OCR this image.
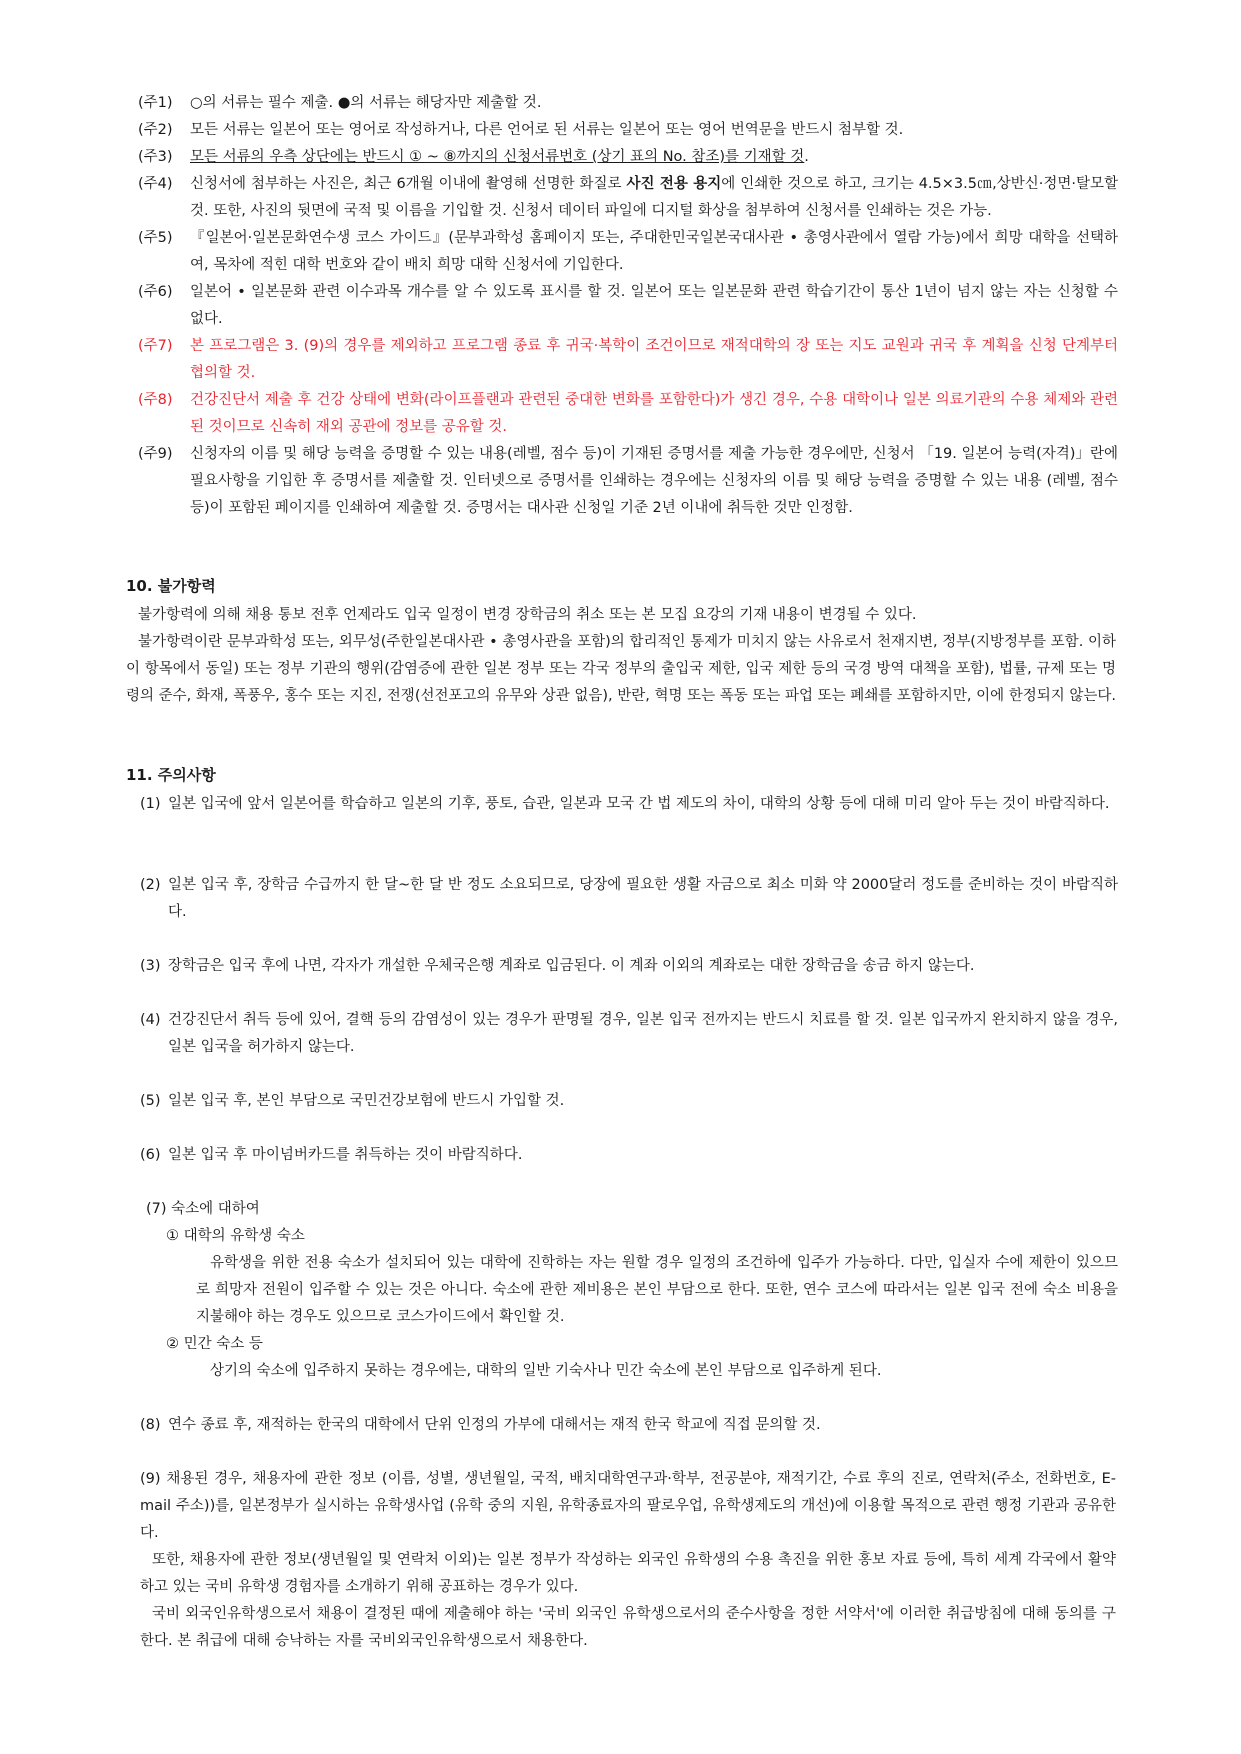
(주1)	○의 서류는 필수 제출. ●의 서류는 해당자만 제출할 것.
(주2)	모든 서류는 일본어 또는 영어로 작성하거나, 다른 언어로 된 서류는 일본어 또는 영어 번역문을 반드시 첨부할 것.
(주3)	모든 서류의 우측 상단에는 반드시 ① ~ ⑧까지의 신청서류번호 (상기 표의 No. 참조)를 기재할 것.
(주4)	신청서에 첨부하는 사진은, 최근 6개월 이내에 촬영해 선명한 화질로 사진 전용 용지에 인쇄한 것으로 하고, 크기는 4.5×3.5㎝,상반신·정면·탈모할 것. 또한, 사진의 뒷면에 국적 및 이름을 기입할 것. 신청서 데이터 파일에 디지털 화상을 첨부하여 신청서를 인쇄하는 것은 가능.
(주5)	『일본어·일본문화연수생 코스 가이드』(문부과학성 홈페이지 또는, 주대한민국일본국대사관 • 총영사관에서 열람 가능)에서 희망 대학을 선택하여, 목차에 적힌 대학 번호와 같이 배치 희망 대학 신청서에 기입한다.
(주6)	일본어 • 일본문화 관련 이수과목 개수를 알 수 있도록 표시를 할 것. 일본어 또는 일본문화 관련 학습기간이 통산 1년이 넘지 않는 자는 신청할 수 없다.
(주7)	본 프로그램은 3. (9)의 경우를 제외하고 프로그램 종료 후 귀국·복학이 조건이므로 재적대학의 장 또는 지도 교원과 귀국 후 계획을 신청 단계부터 협의할 것.
(주8)	건강진단서 제출 후 건강 상태에 변화(라이프플랜과 관련된 중대한 변화를 포함한다)가 생긴 경우, 수용 대학이나 일본 의료기관의 수용 체제와 관련된 것이므로 신속히 재외 공관에 정보를 공유할 것.
(주9)	신청자의 이름 및 해당 능력을 증명할 수 있는 내용(레벨, 점수 등)이 기재된 증명서를 제출 가능한 경우에만, 신청서 「19. 일본어 능력(자격)」란에 필요사항을 기입한 후 증명서를 제출할 것. 인터넷으로 증명서를 인쇄하는 경우에는 신청자의 이름 및 해당 능력을 증명할 수 있는 내용 (레벨, 점수 등)이 포함된 페이지를 인쇄하여 제출할 것. 증명서는 대사관 신청일 기준 2년 이내에 취득한 것만 인정함.
10. 불가항력

불가항력에 의해 채용 통보 전후 언제라도 입국 일정이 변경 장학금의 취소 또는 본 모집 요강의 기재 내용이 변경될 수 있다.

불가항력이란 문부과학성 또는, 외무성(주한일본대사관 • 총영사관을 포함)의 합리적인 통제가 미치지 않는 사유로서 천재지변, 정부(지방정부를 포함. 이하 이 항목에서 동일) 또는 정부 기관의 행위(감염증에 관한 일본 정부 또는 각국 정부의 출입국 제한, 입국 제한 등의 국경 방역 대책을 포함), 법률, 규제 또는 명령의 준수, 화재, 폭풍우, 홍수 또는 지진, 전쟁(선전포고의 유무와 상관 없음), 반란, 혁명 또는 폭동 또는 파업 또는 폐쇄를 포함하지만, 이에 한정되지 않는다.

11. 주의사항
(1) 일본 입국에 앞서 일본어를 학습하고 일본의 기후, 풍토, 습관, 일본과 모국 간 법 제도의 차이, 대학의 상황 등에 대해 미리 알아 두는 것이 바람직하다.
(2) 일본 입국 후, 장학금 수급까지 한 달~한 달 반 정도 소요되므로, 당장에 필요한 생활 자금으로 최소 미화 약 2000달러 정도를 준비하는 것이 바람직하다.
(3) 장학금은 입국 후에 나면, 각자가 개설한 우체국은행 계좌로 입금된다. 이 계좌 이외의 계좌로는 대한 장학금을 송금 하지 않는다.
(4) 건강진단서 취득 등에 있어, 결핵 등의 감염성이 있는 경우가 판명될 경우, 일본 입국 전까지는 반드시 치료를 할 것. 일본 입국까지 완치하지 않을 경우, 일본 입국을 허가하지 않는다.
(5) 일본 입국 후, 본인 부담으로 국민건강보험에 반드시 가입할 것.
(6) 일본 입국 후 마이넘버카드를 취득하는 것이 바람직하다.

(7) 숙소에 대하여

① 대학의 유학생 숙소

유학생을 위한 전용 숙소가 설치되어 있는 대학에 진학하는 자는 원할 경우 일정의 조건하에 입주가 가능하다. 다만, 입실자 수에 제한이 있으므로 희망자 전원이 입주할 수 있는 것은 아니다. 숙소에 관한 제비용은 본인 부담으로 한다. 또한, 연수 코스에 따라서는 일본 입국 전에 숙소 비용을 지불해야 하는 경우도 있으므로 코스가이드에서 확인할 것.

② 민간 숙소 등

상기의 숙소에 입주하지 못하는 경우에는, 대학의 일반 기숙사나 민간 숙소에 본인 부담으로 입주하게 된다.

(8) 연수 종료 후, 재적하는 한국의 대학에서 단위 인정의 가부에 대해서는 재적 한국 학교에 직접 문의할 것.

(9) 채용된 경우, 채용자에 관한 정보 (이름, 성별, 생년월일, 국적, 배치대학연구과·학부, 전공분야, 재적기간, 수료 후의 진로, 연락처(주소, 전화번호, E-mail 주소))를, 일본정부가 실시하는 유학생사업 (유학 중의 지원, 유학종료자의 팔로우업, 유학생제도의 개선)에 이용할 목적으로 관련 행정 기관과 공유한다.

또한, 채용자에 관한 정보(생년월일 및 연락처 이외)는 일본 정부가 작성하는 외국인 유학생의 수용 촉진을 위한 홍보 자료 등에, 특히 세계 각국에서 활약하고 있는 국비 유학생 경험자를 소개하기 위해 공표하는 경우가 있다.

국비 외국인유학생으로서 채용이 결정된 때에 제출해야 하는 '국비 외국인 유학생으로서의 준수사항을 정한 서약서'에 이러한 취급방침에 대해 동의를 구한다. 본 취급에 대해 승낙하는 자를 국비외국인유학생으로서 채용한다.
